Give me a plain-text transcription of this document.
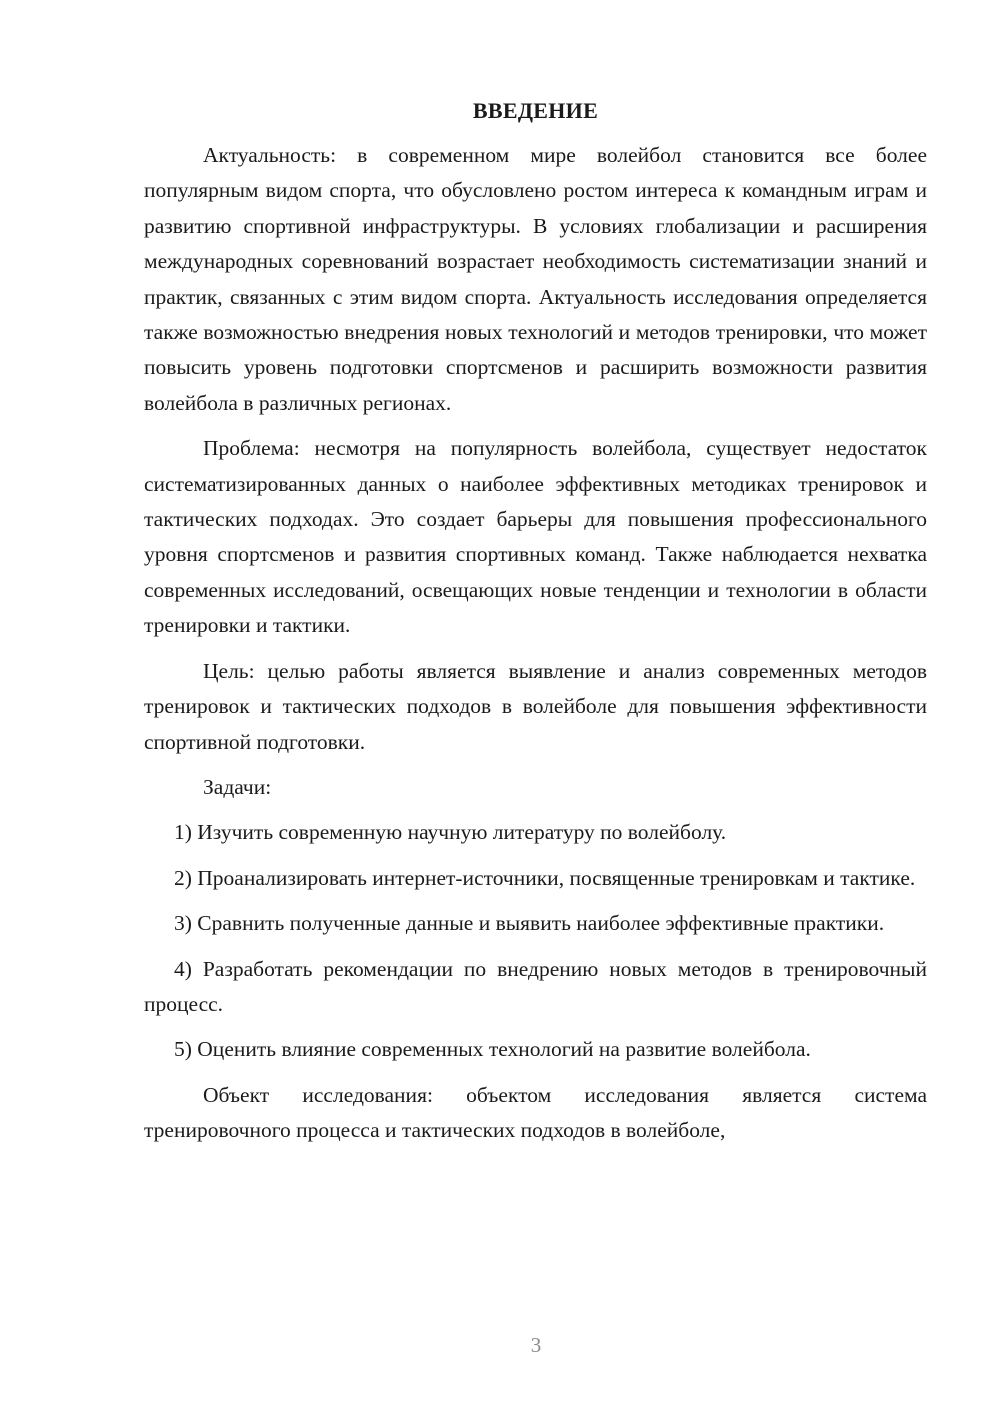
ВВЕДЕНИЕ

Актуальность: в современном мире волейбол становится все более популярным видом спорта, что обусловлено ростом интереса к командным играм и развитию спортивной инфраструктуры. В условиях глобализации и расширения международных соревнований возрастает необходимость систематизации знаний и практик, связанных с этим видом спорта. Актуальность исследования определяется также возможностью внедрения новых технологий и методов тренировки, что может повысить уровень подготовки спортсменов и расширить возможности развития волейбола в различных регионах.

Проблема: несмотря на популярность волейбола, существует недостаток систематизированных данных о наиболее эффективных методиках тренировок и тактических подходах. Это создает барьеры для повышения профессионального уровня спортсменов и развития спортивных команд. Также наблюдается нехватка современных исследований, освещающих новые тенденции и технологии в области тренировки и тактики.

Цель: целью работы является выявление и анализ современных методов тренировок и тактических подходов в волейболе для повышения эффективности спортивной подготовки.

Задачи:

1) Изучить современную научную литературу по волейболу.

2) Проанализировать интернет-источники, посвященные тренировкам и тактике.

3) Сравнить полученные данные и выявить наиболее эффективные практики.

4) Разработать рекомендации по внедрению новых методов в тренировочный процесс.

5) Оценить влияние современных технологий на развитие волейбола.

Объект исследования: объектом исследования является система тренировочного процесса и тактических подходов в волейболе,

3
